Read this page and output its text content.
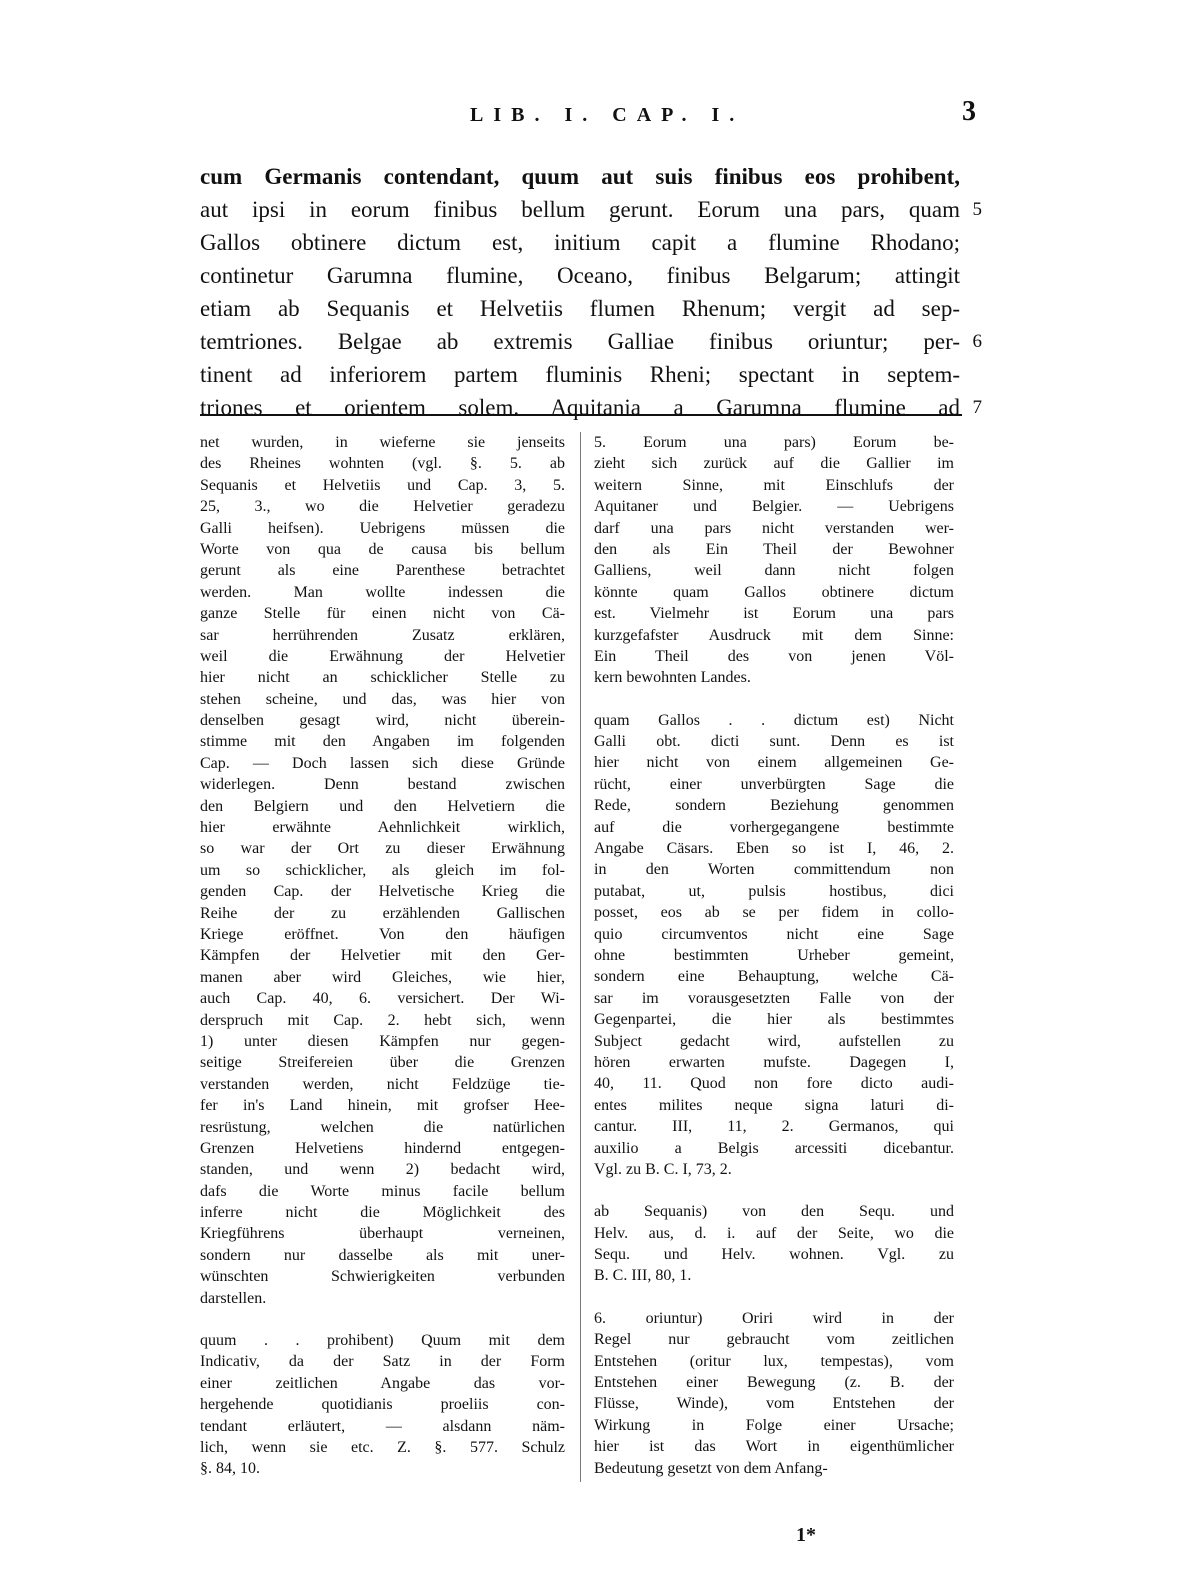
LIB. I. CAP. I.	3
cum Germanis contendant, quum aut suis finibus eos prohibent,
aut ipsi in eorum finibus bellum gerunt. Eorum una pars, quam 5
Gallos obtinere dictum est, initium capit a flumine Rhodano;
continetur Garumna flumine, Oceano, finibus Belgarum; attingit
etiam ab Sequanis et Helvetiis flumen Rhenum; vergit ad sep-
temtriones. Belgae ab extremis Galliae finibus oriuntur; per- 6
tinent ad inferiorem partem fluminis Rheni; spectant in septem-
triones et orientem solem. Aquitania a Garumna flumine ad 7
net wurden, in wieferne sie jenseits
des Rheines wohnten (vgl. §. 5. ab
Sequanis et Helvetiis und Cap. 3, 5.
25, 3., wo die Helvetier geradezu
Galli heifsen). Uebrigens müssen die
Worte von qua de causa bis bellum
gerunt als eine Parenthese betrachtet
werden. Man wollte indessen die
ganze Stelle für einen nicht von Cä-
sar herrührenden Zusatz erklären,
weil die Erwähnung der Helvetier
hier nicht an schicklicher Stelle zu
stehen scheine, und das, was hier von
denselben gesagt wird, nicht überein-
stimme mit den Angaben im folgenden
Cap. — Doch lassen sich diese Gründe
widerlegen. Denn bestand zwischen
den Belgiern und den Helvetiern die
hier erwähnte Aehnlichkeit wirklich,
so war der Ort zu dieser Erwähnung
um so schicklicher, als gleich im fol-
genden Cap. der Helvetische Krieg die
Reihe der zu erzählenden Gallischen
Kriege eröffnet. Von den häufigen
Kämpfen der Helvetier mit den Ger-
manen aber wird Gleiches, wie hier,
auch Cap. 40, 6. versichert. Der Wi-
derspruch mit Cap. 2. hebt sich, wenn
1) unter diesen Kämpfen nur gegen-
seitige Streifereien über die Grenzen
verstanden werden, nicht Feldzüge tie-
fer in's Land hinein, mit grofser Hee-
resrüstung, welchen die natürlichen
Grenzen Helvetiens hindernd entgegen-
standen, und wenn 2) bedacht wird,
dafs die Worte minus facile bellum
inferre nicht die Möglichkeit des
Kriegführens überhaupt verneinen,
sondern nur dasselbe als mit uner-
wünschten Schwierigkeiten verbunden
darstellen.
quum . . prohibent) Quum mit dem
Indicativ, da der Satz in der Form
einer zeitlichen Angabe das vor-
hergehende quotidianis proeliis con-
tendant erläutert, — alsdann näm-
lich, wenn sie etc. Z. §. 577. Schulz
§. 84, 10.
5. Eorum una pars) Eorum be-
zieht sich zurück auf die Gallier im
weitern Sinne, mit Einschlufs der
Aquitaner und Belgier. — Uebrigens
darf una pars nicht verstanden wer-
den als Ein Theil der Bewohner
Galliens, weil dann nicht folgen
könnte quam Gallos obtinere dictum
est. Vielmehr ist Eorum una pars
kurzgefafster Ausdruck mit dem Sinne:
Ein Theil des von jenen Völ-
kern bewohnten Landes.
quam Gallos . . dictum est) Nicht
Galli obt. dicti sunt. Denn es ist
hier nicht von einem allgemeinen Ge-
rücht, einer unverbürgten Sage die
Rede, sondern Beziehung genommen
auf die vorhergegangene bestimmte
Angabe Cäsars. Eben so ist I, 46, 2.
in den Worten committendum non
putabat, ut, pulsis hostibus, dici
posset, eos ab se per fidem in collo-
quio circumventos nicht eine Sage
ohne bestimmten Urheber gemeint,
sondern eine Behauptung, welche Cä-
sar im vorausgesetzten Falle von der
Gegenpartei, die hier als bestimmtes
Subject gedacht wird, aufstellen zu
hören erwarten mufste. Dagegen I,
40, 11. Quod non fore dicto audi-
entes milites neque signa laturi di-
cantur. III, 11, 2. Germanos, qui
auxilio a Belgis arcessiti dicebantur.
Vgl. zu B. C. I, 73, 2.
ab Sequanis) von den Sequ. und
Helv. aus, d. i. auf der Seite, wo die
Sequ. und Helv. wohnen. Vgl. zu
B. C. III, 80, 1.
6. oriuntur) Oriri wird in der
Regel nur gebraucht vom zeitlichen
Entstehen (oritur lux, tempestas), vom
Entstehen einer Bewegung (z. B. der
Flüsse, Winde), vom Entstehen der
Wirkung in Folge einer Ursache;
hier ist das Wort in eigenthümlicher
Bedeutung gesetzt von dem Anfang-
1*
